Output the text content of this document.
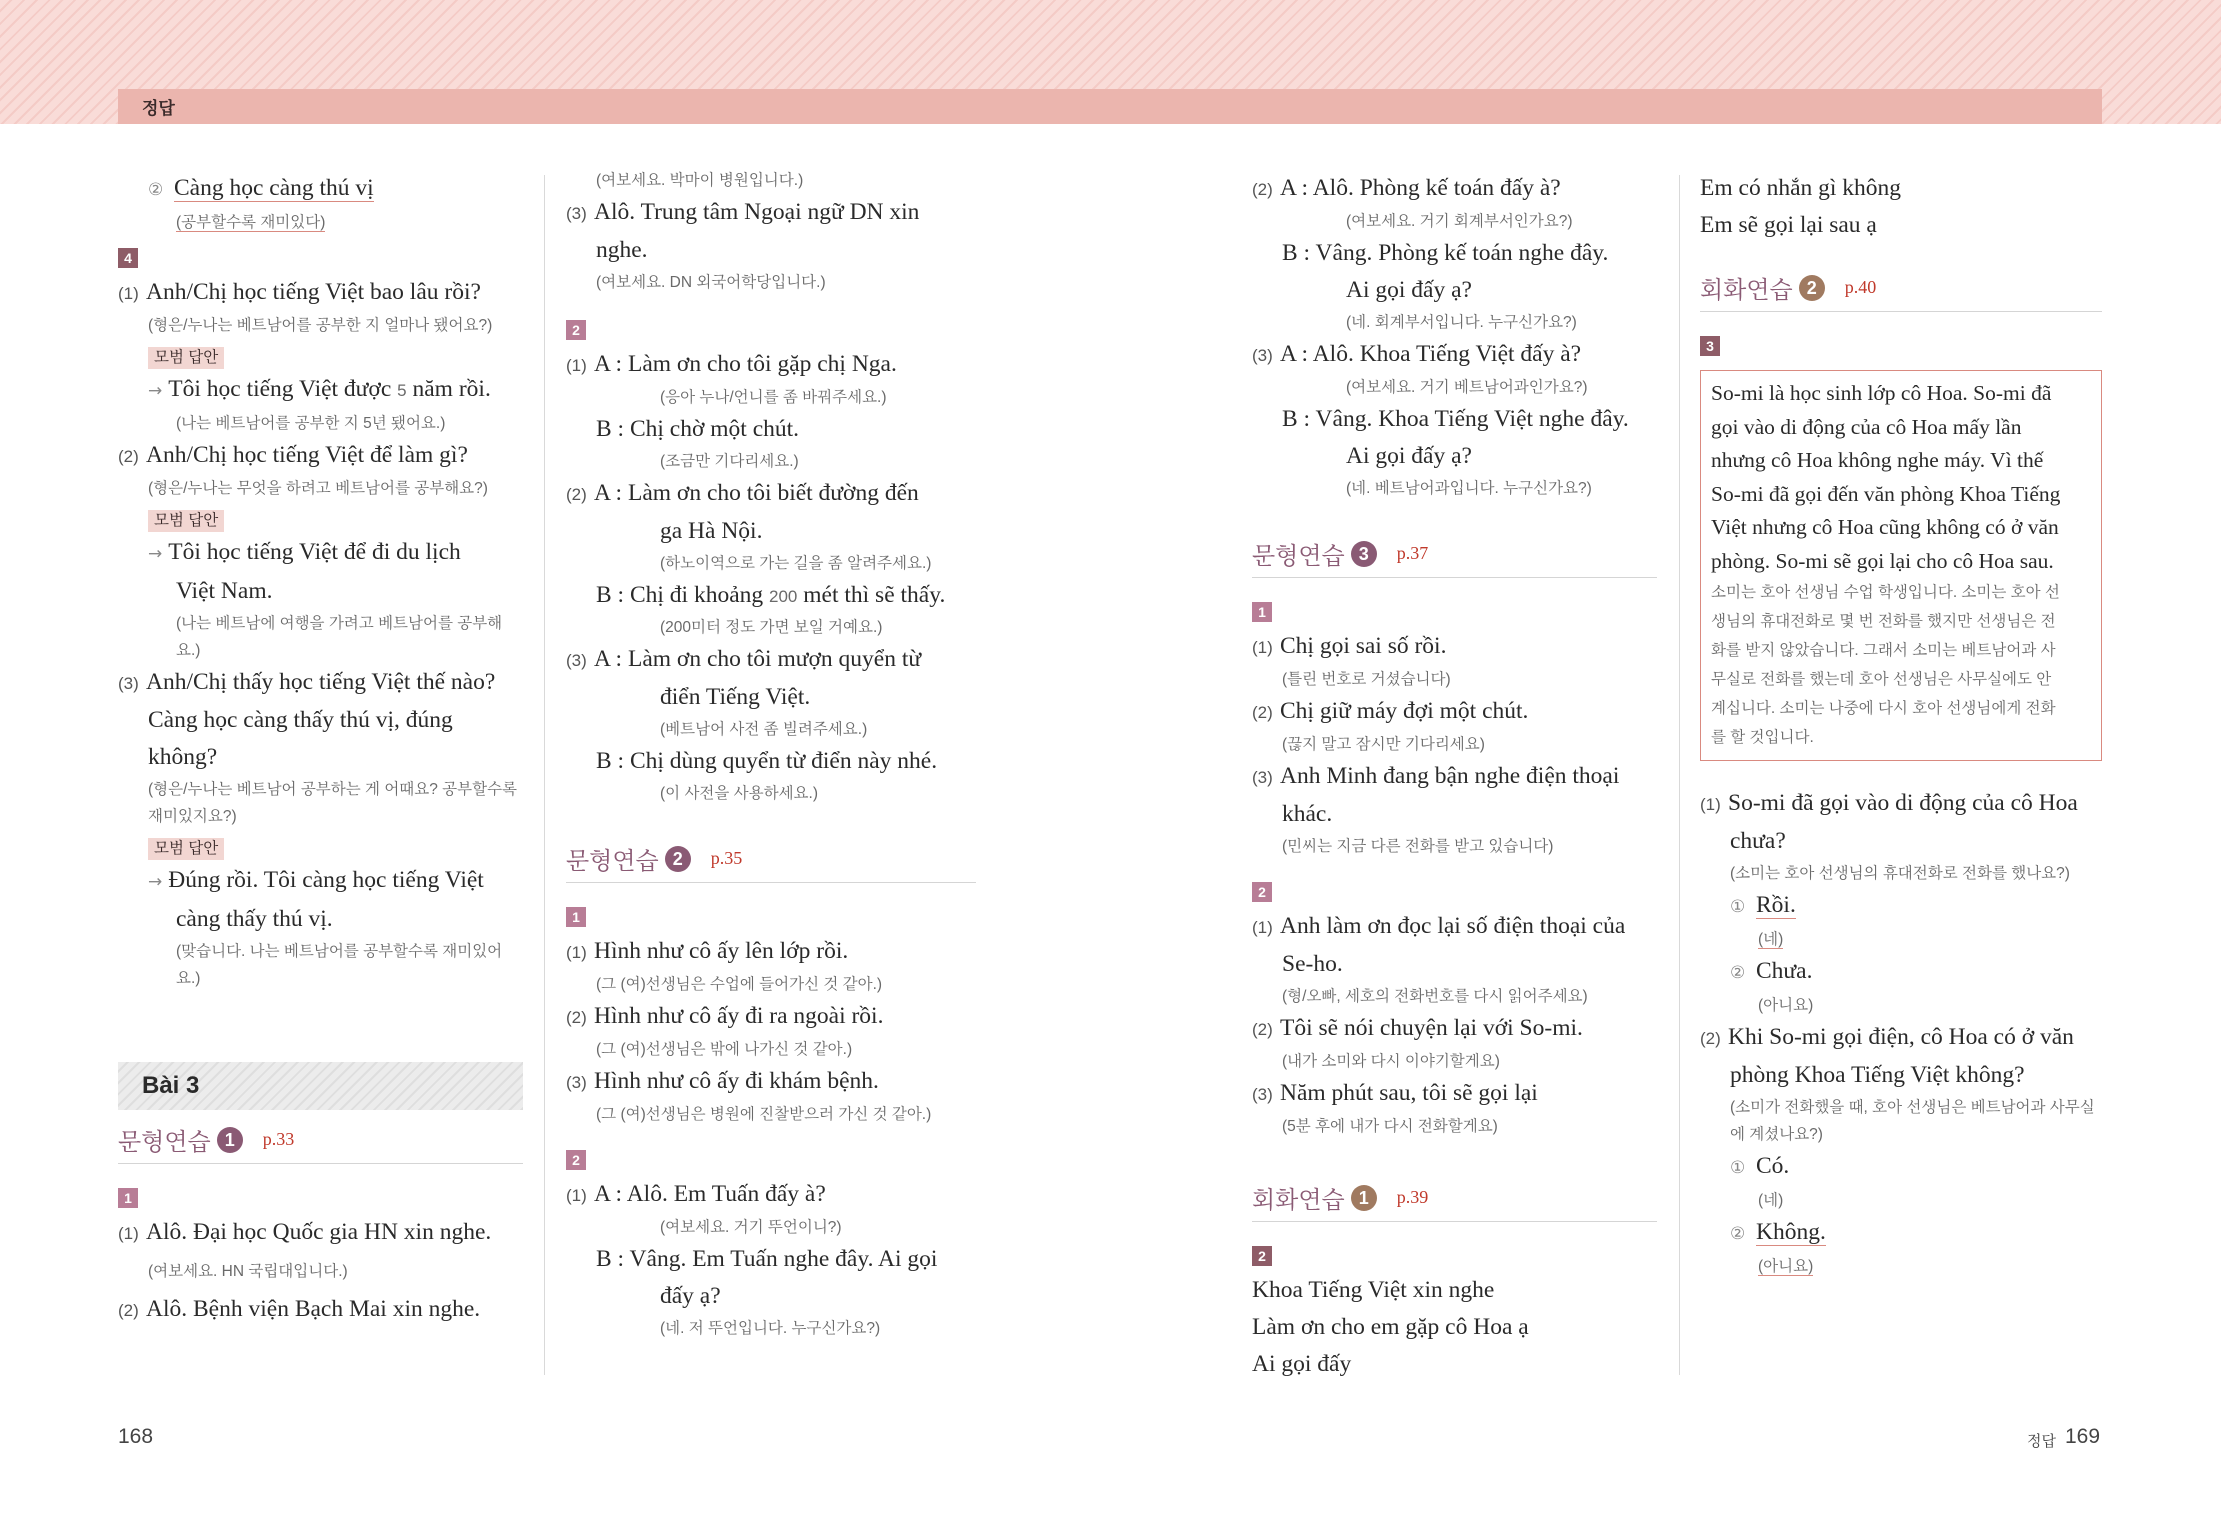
정답

② Càng học càng thú vị

(공부할수록 재미있다)

4

(1) Anh/Chị học tiếng Việt bao lâu rồi?

(형은/누나는 베트남어를 공부한 지 얼마나 됐어요?)

모범 답안

→ Tôi học tiếng Việt được 5 năm rồi.

(나는 베트남어를 공부한 지 5년 됐어요.)

(2) Anh/Chị học tiếng Việt để làm gì?

(형은/누나는 무엇을 하려고 베트남어를 공부해요?)

모범 답안

→ Tôi học tiếng Việt để đi du lịch

Việt Nam.

(나는 베트남에 여행을 가려고 베트남어를 공부해요.)

(3) Anh/Chị thấy học tiếng Việt thế nào?

Càng học càng thấy thú vị, đúng

không?

(형은/누나는 베트남어 공부하는 게 어때요? 공부할수록 재미있지요?)

모범 답안

→ Đúng rồi. Tôi càng học tiếng Việt

càng thấy thú vị.

(맞습니다. 나는 베트남어를 공부할수록 재미있어요.)

Bài 3
문형연습 1	p.33
1

(1) Alô. Đại học Quốc gia HN xin nghe.

(여보세요. HN 국립대입니다.)

(2) Alô. Bệnh viện Bạch Mai xin nghe.

(여보세요. 박마이 병원입니다.)

(3) Alô. Trung tâm Ngoại ngữ DN xin

nghe.

(여보세요. DN 외국어학당입니다.)

2

(1) A : Làm ơn cho tôi gặp chị Nga.

(응아 누나/언니를 좀 바꿔주세요.)

B : Chị chờ một chút.

(조금만 기다리세요.)

(2) A : Làm ơn cho tôi biết đường đến

ga Hà Nội.

(하노이역으로 가는 길을 좀 알려주세요.)

B : Chị đi khoảng 200 mét thì sẽ thấy.

(200미터 정도 가면 보일 거예요.)

(3) A : Làm ơn cho tôi mượn quyển từ

điển Tiếng Việt.

(베트남어 사전 좀 빌려주세요.)

B : Chị dùng quyển từ điển này nhé.

(이 사전을 사용하세요.)

문형연습 2	p.35
1

(1) Hình như cô ấy lên lớp rồi.

(그 (여)선생님은 수업에 들어가신 것 같아.)

(2) Hình như cô ấy đi ra ngoài rồi.

(그 (여)선생님은 밖에 나가신 것 같아.)

(3) Hình như cô ấy đi khám bệnh.

(그 (여)선생님은 병원에 진찰받으러 가신 것 같아.)

2

(1) A : Alô. Em Tuấn đấy à?

(여보세요. 거기 뚜언이니?)

B : Vâng. Em Tuấn nghe đây. Ai gọi

đấy ạ?

(네. 저 뚜언입니다. 누구신가요?)

(2) A : Alô. Phòng kế toán đấy à?

(여보세요. 거기 회계부서인가요?)

B : Vâng. Phòng kế toán nghe đây.

Ai gọi đấy ạ?

(네. 회계부서입니다. 누구신가요?)

(3) A : Alô. Khoa Tiếng Việt đấy à?

(여보세요. 거기 베트남어과인가요?)

B : Vâng. Khoa Tiếng Việt nghe đây.

Ai gọi đấy ạ?

(네. 베트남어과입니다. 누구신가요?)

문형연습 3	p.37
1

(1) Chị gọi sai số rồi.

(틀린 번호로 거셨습니다)

(2) Chị giữ máy đợi một chút.

(끊지 말고 잠시만 기다리세요)

(3) Anh Minh đang bận nghe điện thoại

khác.

(민씨는 지금 다른 전화를 받고 있습니다)

2

(1) Anh làm ơn đọc lại số điện thoại của

Se-ho.

(형/오빠, 세호의 전화번호를 다시 읽어주세요)

(2) Tôi sẽ nói chuyện lại với So-mi.

(내가 소미와 다시 이야기할게요)

(3) Năm phút sau, tôi sẽ gọi lại

(5분 후에 내가 다시 전화할게요)

회화연습 1	p.39
2

Khoa Tiếng Việt xin nghe

Làm ơn cho em gặp cô Hoa ạ

Ai gọi đấy

Em có nhắn gì không

Em sẽ gọi lại sau ạ

회화연습 2	p.40
3

So-mi là học sinh lớp cô Hoa. So-mi đã

gọi vào di động của cô Hoa mấy lần

nhưng cô Hoa không nghe máy. Vì thế

So-mi đã gọi đến văn phòng Khoa Tiếng

Việt nhưng cô Hoa cũng không có ở văn

phòng. So-mi sẽ gọi lại cho cô Hoa sau.

소미는 호아 선생님 수업 학생입니다. 소미는 호아 선

생님의 휴대전화로 몇 번 전화를 했지만 선생님은 전

화를 받지 않았습니다. 그래서 소미는 베트남어과 사

무실로 전화를 했는데 호아 선생님은 사무실에도 안

계십니다. 소미는 나중에 다시 호아 선생님에게 전화

를 할 것입니다.

(1) So-mi đã gọi vào di động của cô Hoa

chưa?

(소미는 호아 선생님의 휴대전화로 전화를 했나요?)

① Rồi.

(네)

② Chưa.

(아니요)

(2) Khi So-mi gọi điện, cô Hoa có ở văn

phòng Khoa Tiếng Việt không?

(소미가 전화했을 때, 호아 선생님은 베트남어과 사무실에 계셨나요?)

① Có.

(네)

② Không.

(아니요)

168	정답 169
